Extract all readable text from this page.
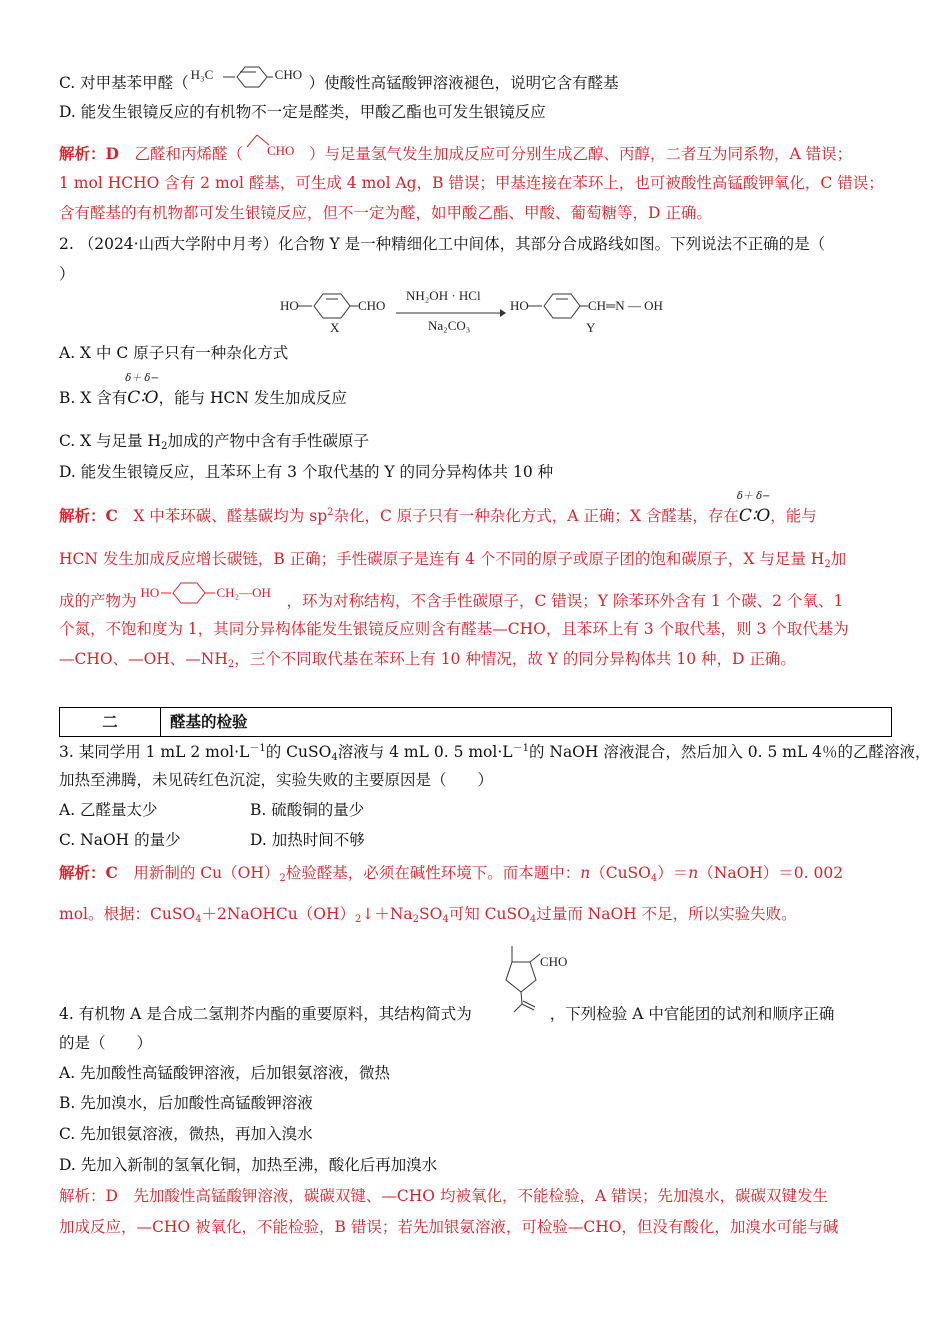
C. 对甲基苯甲醛（ H₃C	CHO ）使酸性高锰酸钾溶液褪色，说明它含有醛基
D. 能发生银镜反应的有机物不一定是醛类，甲酸乙酯也可发生银镜反应
解析：D　乙醛和丙烯醛（ CHO ）与足量氢气发生加成反应可分别生成乙醇、丙醇，二者互为同系物，A 错误；
1 mol HCHO 含有 2 mol 醛基，可生成 4 mol Ag，B 错误；甲基连接在苯环上，也可被酸性高锰酸钾氧化，C 错误；
含有醛基的有机物都可发生银镜反应，但不一定为醛，如甲酸乙酯、甲酸、葡萄糖等，D 正确。
2. （2024·山西大学附中月考）化合物 Y 是一种精细化工中间体，其部分合成路线如图。下列说法不正确的是（
）
HO	CHO
X
NH₂OH · HCl
Na₂CO₃
HO	CH═N — OH
Y
A. X 中 C 原子只有一种杂化方式
B. X 含有
δ＋ δ−
C∶O，能与 HCN 发生加成反应
C. X 与足量 $H_2$加成的产物中含有手性碳原子
D. 能发生银镜反应，且苯环上有 3 个取代基的 Y 的同分异构体共 10 种
解析：C　X 中苯环碳、醛基碳均为 $sp^2$杂化，C 原子只有一种杂化方式，A 正确；X 含醛基，存在
δ＋ δ−
C∶O，能与
HCN 发生加成反应增长碳链，B 正确；手性碳原子是连有 4 个不同的原子或原子团的饱和碳原子，X 与足量 $H_2$加
成的产物为 HO	CH₂—OH ，环为对称结构，不含手性碳原子，C 错误；Y 除苯环外含有 1 个碳、2 个氧、1
个氮，不饱和度为 1，其同分异构体能发生银镜反应则含有醛基—CHO，且苯环上有 3 个取代基，则 3 个取代基为
—CHO、—OH、$—NH_2$，三个不同取代基在苯环上有 10 种情况，故 Y 的同分异构体共 10 种，D 正确。
二	醛基的检验
3. 某同学用 1 mL 2 $mol\cdot L^{-1}$的 CuSO$_4$溶液与 4 mL 0. 5 $mol\cdot L^{-1}$的 NaOH 溶液混合，然后加入 0. 5 mL 4％的乙醛溶液，
加热至沸腾，未见砖红色沉淀，实验失败的主要原因是（　　）
A. 乙醛量太少	B. 硫酸铜的量少
C. NaOH 的量少	D. 加热时间不够
解析：C　用新制的 $Cu(OH)_2$检验醛基，必须在碱性环境下。而本题中：n（CuSO$_4$）＝n（NaOH）＝0. 002
mol。根据：$CuSO_4+2NaOHCu(OH)_2↓+Na_2SO_4$可知 CuSO$_4$过量而 NaOH 不足，所以实验失败。
CHO
4. 有机物 A 是合成二氢荆芥内酯的重要原料，其结构简式为	，下列检验 A 中官能团的试剂和顺序正确
的是（　　）
A. 先加酸性高锰酸钾溶液，后加银氨溶液，微热
B. 先加溴水，后加酸性高锰酸钾溶液
C. 先加银氨溶液，微热，再加入溴水
D. 先加入新制的氢氧化铜，加热至沸，酸化后再加溴水
解析：D　先加酸性高锰酸钾溶液，碳碳双键、—CHO 均被氧化，不能检验，A 错误；先加溴水，碳碳双键发生
加成反应，—CHO 被氧化，不能检验，B 错误；若先加银氨溶液，可检验—CHO，但没有酸化，加溴水可能与碱
